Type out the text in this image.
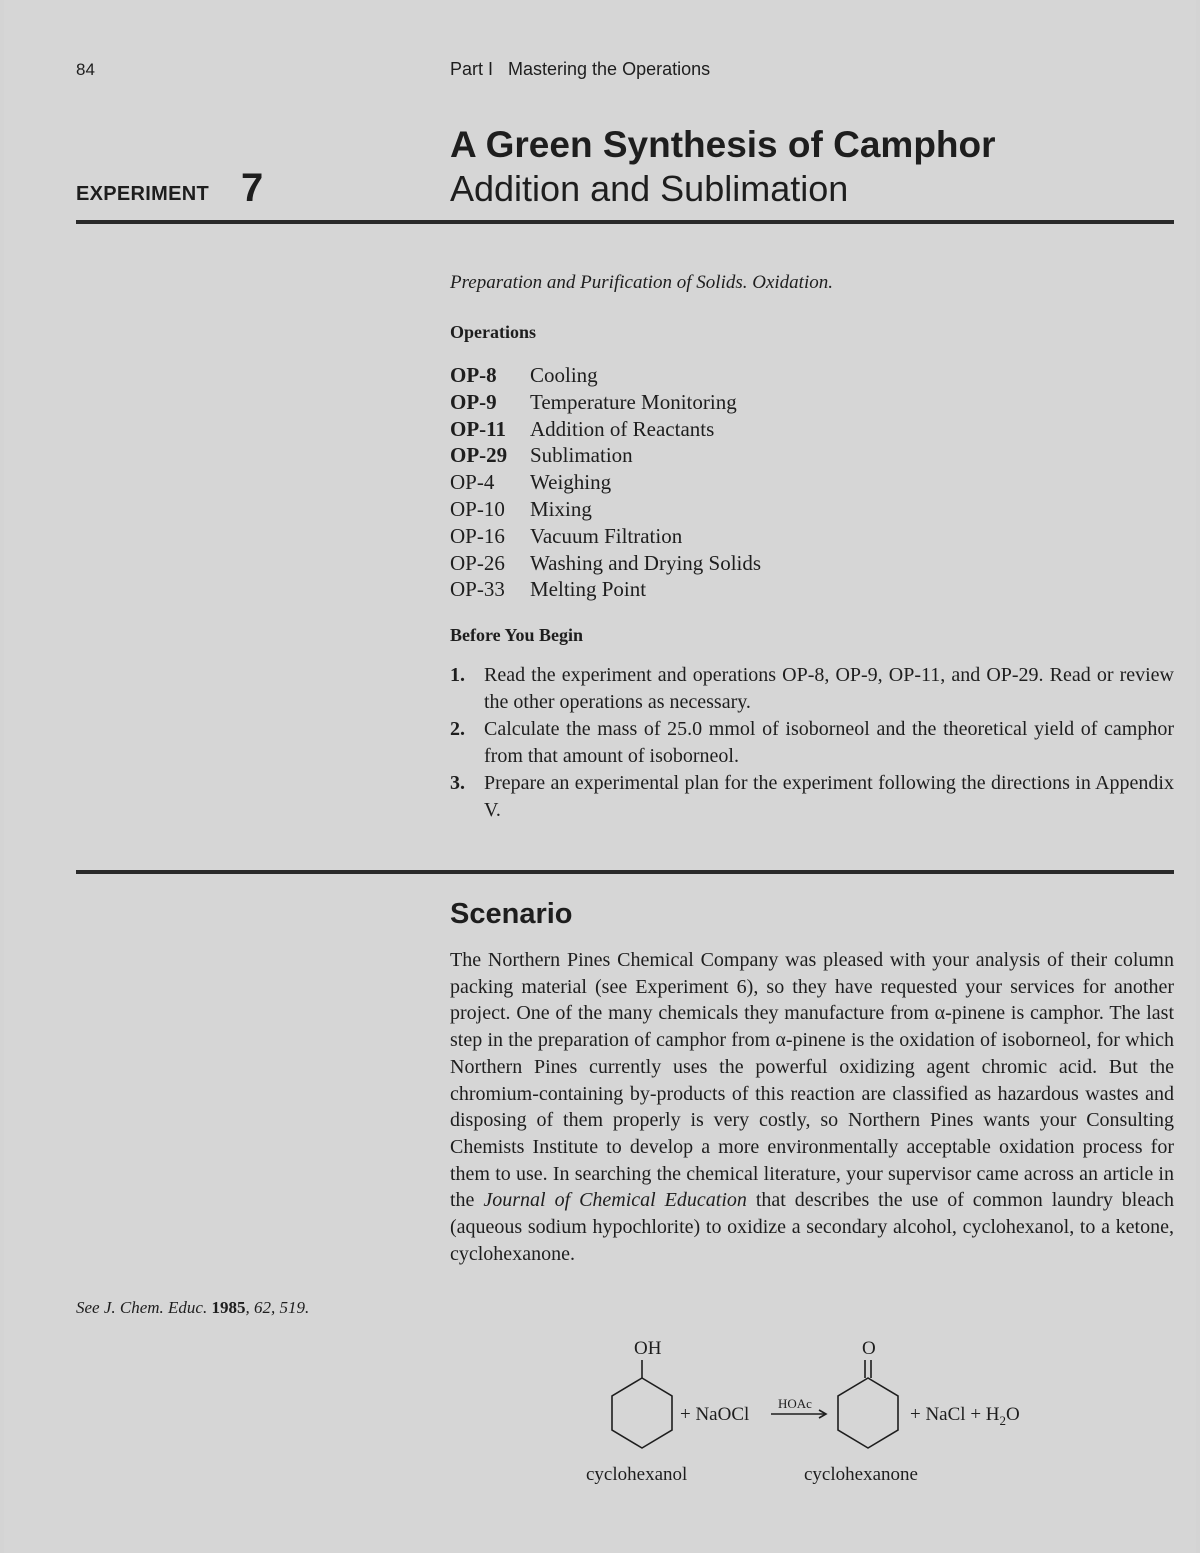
84	Part I   Mastering the Operations
EXPERIMENT 7
A Green Synthesis of Camphor
Addition and Sublimation
Preparation and Purification of Solids. Oxidation.
Operations
OP-8 Cooling
OP-9 Temperature Monitoring
OP-11 Addition of Reactants
OP-29 Sublimation
OP-4 Weighing
OP-10 Mixing
OP-16 Vacuum Filtration
OP-26 Washing and Drying Solids
OP-33 Melting Point
Before You Begin
1. Read the experiment and operations OP-8, OP-9, OP-11, and OP-29. Read or review the other operations as necessary.
2. Calculate the mass of 25.0 mmol of isoborneol and the theoretical yield of camphor from that amount of isoborneol.
3. Prepare an experimental plan for the experiment following the directions in Appendix V.
Scenario
The Northern Pines Chemical Company was pleased with your analysis of their column packing material (see Experiment 6), so they have requested your services for another project. One of the many chemicals they manufacture from α-pinene is camphor. The last step in the preparation of camphor from α-pinene is the oxidation of isoborneol, for which Northern Pines currently uses the powerful oxidizing agent chromic acid. But the chromium-containing by-products of this reaction are classified as hazardous wastes and disposing of them properly is very costly, so Northern Pines wants your Consulting Chemists Institute to develop a more environmentally acceptable oxidation process for them to use. In searching the chemical literature, your supervisor came across an article in the Journal of Chemical Education that describes the use of common laundry bleach (aqueous sodium hypochlorite) to oxidize a secondary alcohol, cyclohexanol, to a ketone, cyclohexanone.
See J. Chem. Educ. 1985, 62, 519.
OH	O
+ NaOCl
HOAc
+ NaCl + $H_2O$
cyclohexanol	cyclohexanone
